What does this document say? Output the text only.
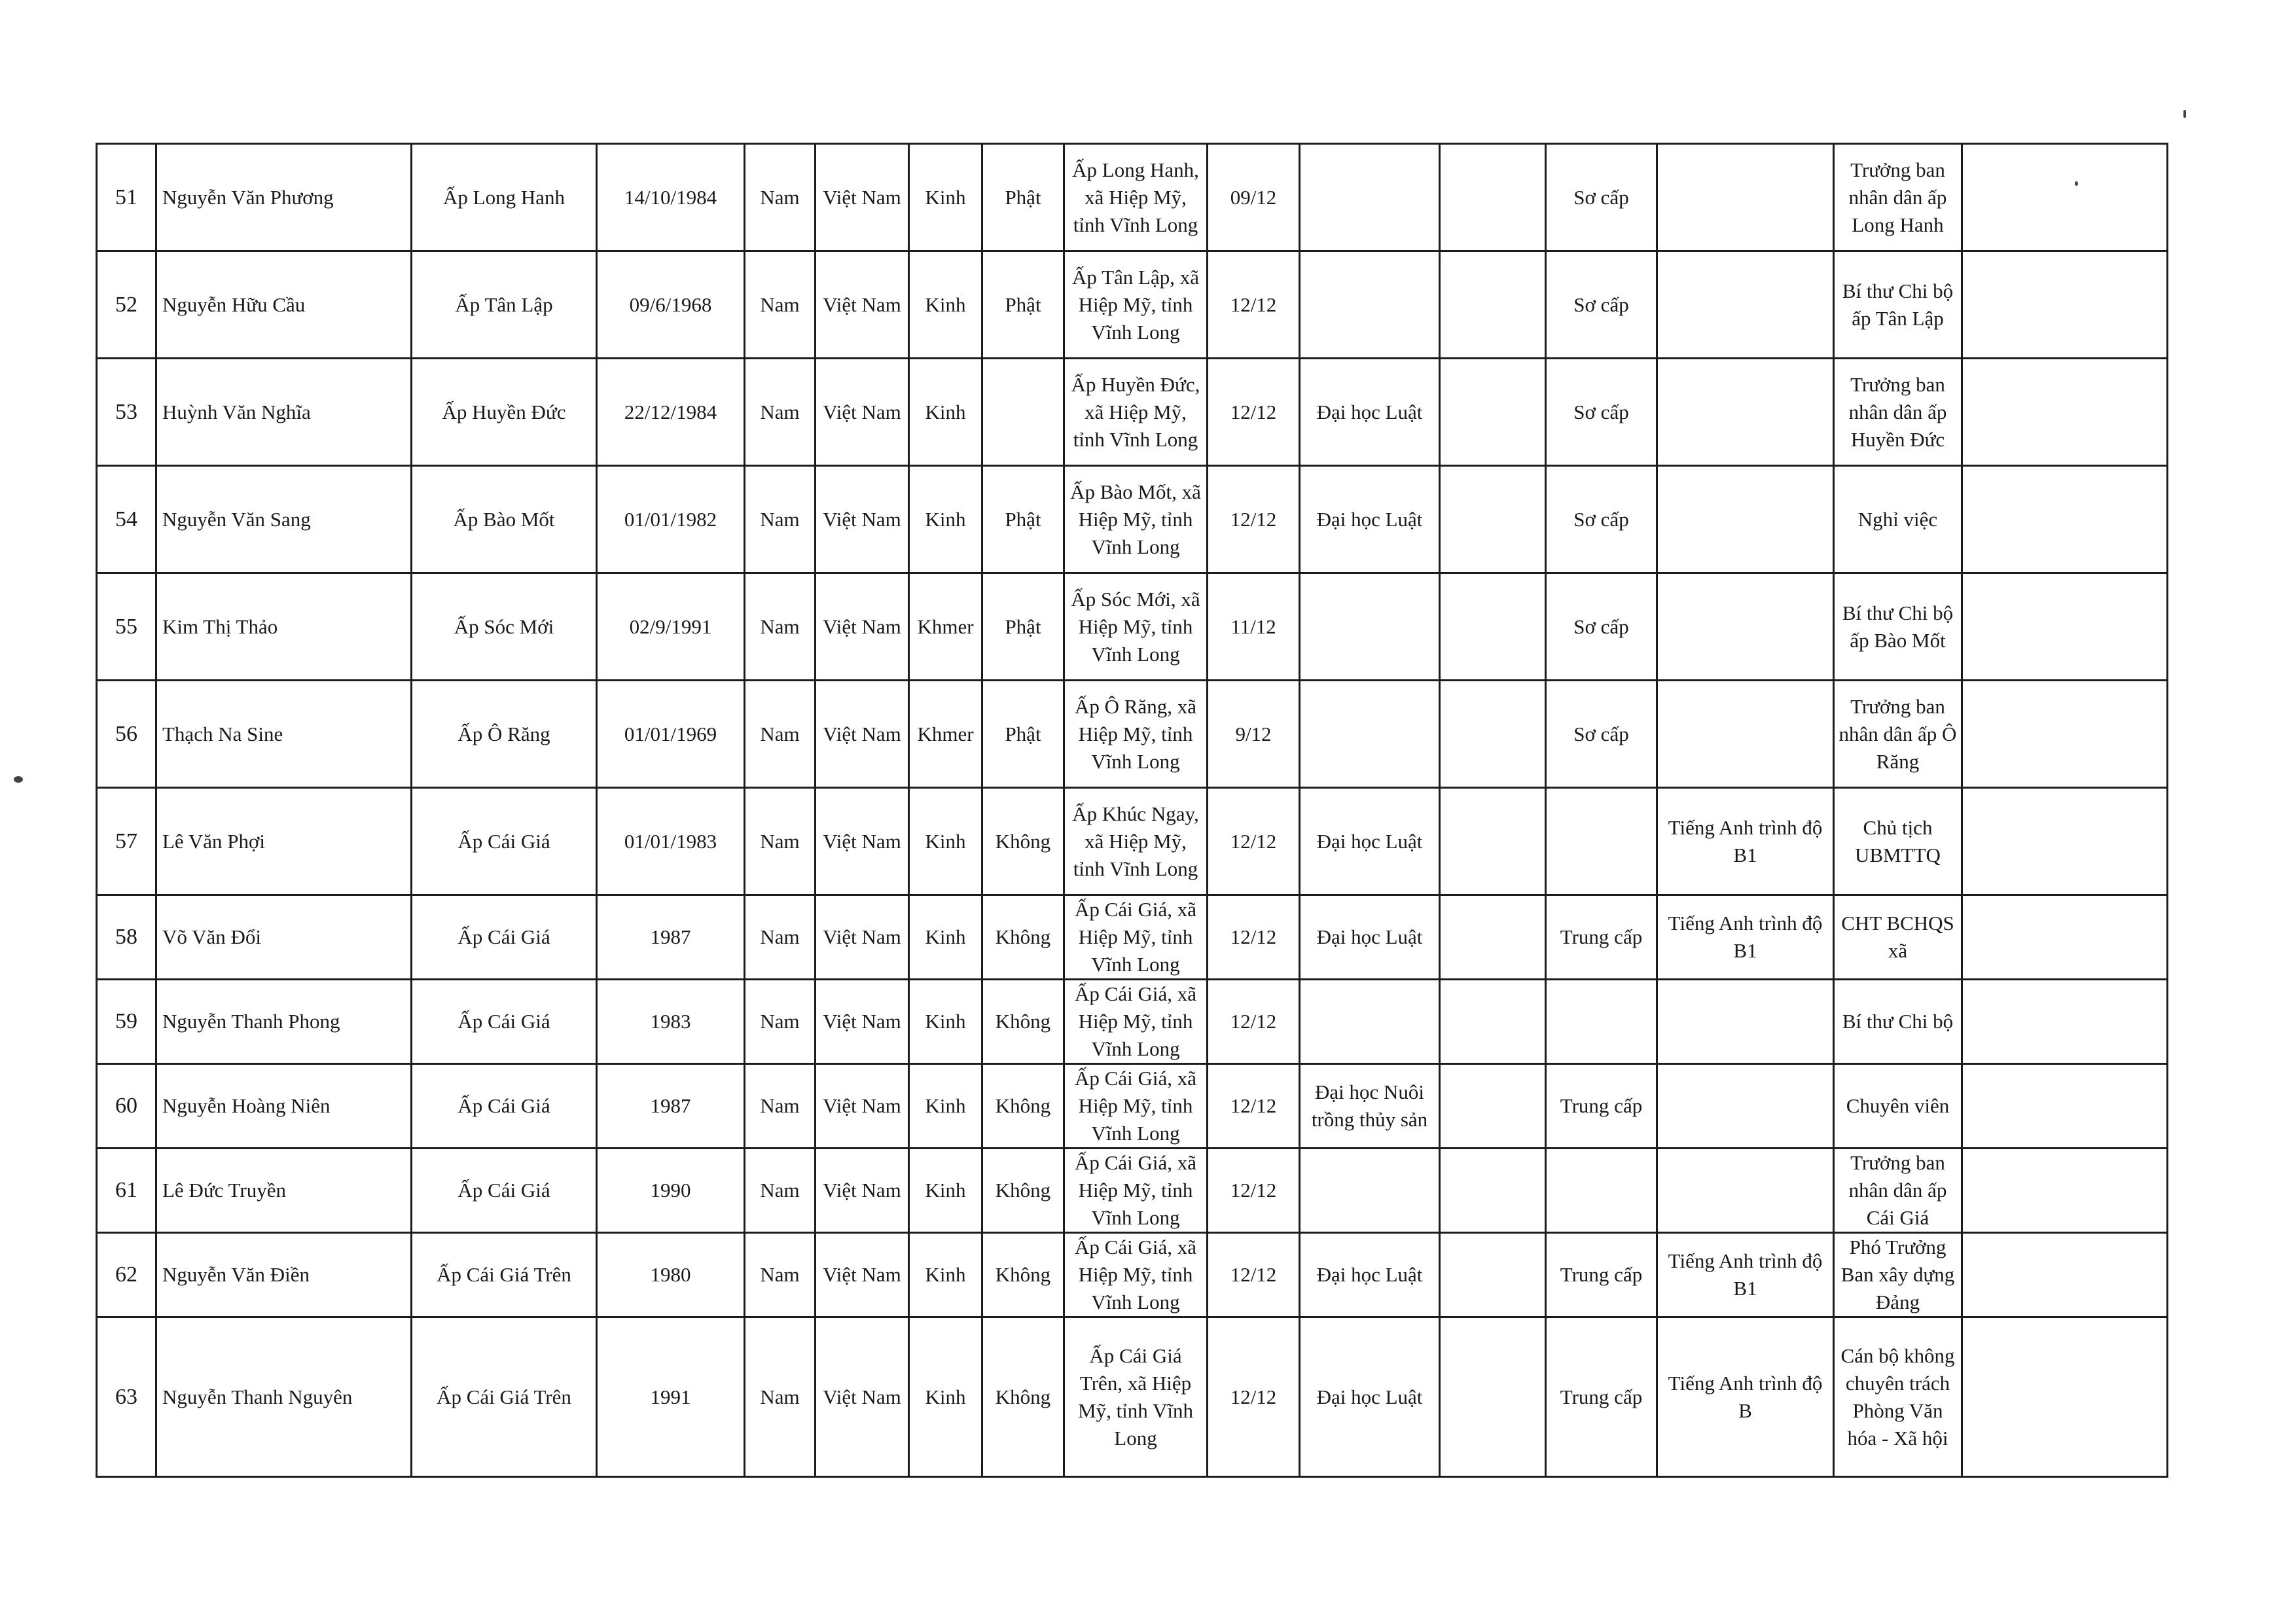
51	Nguyễn Văn Phương	Ấp Long Hanh	14/10/1984	Nam	Việt Nam	Kinh	Phật	Ấp Long Hanh, xã Hiệp Mỹ, tỉnh Vĩnh Long	09/12			Sơ cấp		Trưởng ban nhân dân ấp Long Hanh	
52	Nguyễn Hữu Cầu	Ấp Tân Lập	09/6/1968	Nam	Việt Nam	Kinh	Phật	Ấp Tân Lập, xã Hiệp Mỹ, tỉnh Vĩnh Long	12/12			Sơ cấp		Bí thư Chi bộ ấp Tân Lập	
53	Huỳnh Văn Nghĩa	Ấp Huyền Đức	22/12/1984	Nam	Việt Nam	Kinh		Ấp Huyền Đức, xã Hiệp Mỹ, tỉnh Vĩnh Long	12/12	Đại học Luật		Sơ cấp		Trưởng ban nhân dân ấp Huyền Đức	
54	Nguyễn Văn Sang	Ấp Bào Mốt	01/01/1982	Nam	Việt Nam	Kinh	Phật	Ấp Bào Mốt, xã Hiệp Mỹ, tỉnh Vĩnh Long	12/12	Đại học Luật		Sơ cấp		Nghỉ việc	
55	Kim Thị Thảo	Ấp Sóc Mới	02/9/1991	Nam	Việt Nam	Khmer	Phật	Ấp Sóc Mới, xã Hiệp Mỹ, tỉnh Vĩnh Long	11/12			Sơ cấp		Bí thư Chi bộ ấp Bào Mốt	
56	Thạch Na Sine	Ấp Ô Răng	01/01/1969	Nam	Việt Nam	Khmer	Phật	Ấp Ô Răng, xã Hiệp Mỹ, tỉnh Vĩnh Long	9/12			Sơ cấp		Trưởng ban nhân dân ấp Ô Răng	
57	Lê Văn Phợi	Ấp Cái Giá	01/01/1983	Nam	Việt Nam	Kinh	Không	Ấp Khúc Ngay, xã Hiệp Mỹ, tỉnh Vĩnh Long	12/12	Đại học Luật			Tiếng Anh trình độ B1	Chủ tịch UBMTTQ	
58	Võ Văn Đổi	Ấp Cái Giá	1987	Nam	Việt Nam	Kinh	Không	Ấp Cái Giá, xã Hiệp Mỹ, tỉnh Vĩnh Long	12/12	Đại học Luật		Trung cấp	Tiếng Anh trình độ B1	CHT BCHQS xã	
59	Nguyễn Thanh Phong	Ấp Cái Giá	1983	Nam	Việt Nam	Kinh	Không	Ấp Cái Giá, xã Hiệp Mỹ, tỉnh Vĩnh Long	12/12					Bí thư Chi bộ	
60	Nguyễn Hoàng Niên	Ấp Cái Giá	1987	Nam	Việt Nam	Kinh	Không	Ấp Cái Giá, xã Hiệp Mỹ, tỉnh Vĩnh Long	12/12	Đại học Nuôi trồng thủy sản		Trung cấp		Chuyên viên	
61	Lê Đức Truyền	Ấp Cái Giá	1990	Nam	Việt Nam	Kinh	Không	Ấp Cái Giá, xã Hiệp Mỹ, tỉnh Vĩnh Long	12/12					Trưởng ban nhân dân ấp Cái Giá	
62	Nguyễn Văn Điền	Ấp Cái Giá Trên	1980	Nam	Việt Nam	Kinh	Không	Ấp Cái Giá, xã Hiệp Mỹ, tỉnh Vĩnh Long	12/12	Đại học Luật		Trung cấp	Tiếng Anh trình độ B1	Phó Trưởng Ban xây dựng Đảng	
63	Nguyễn Thanh Nguyên	Ấp Cái Giá Trên	1991	Nam	Việt Nam	Kinh	Không	Ấp Cái Giá Trên, xã Hiệp Mỹ, tỉnh Vĩnh Long	12/12	Đại học Luật		Trung cấp	Tiếng Anh trình độ B	Cán bộ không chuyên trách Phòng Văn hóa - Xã hội	
